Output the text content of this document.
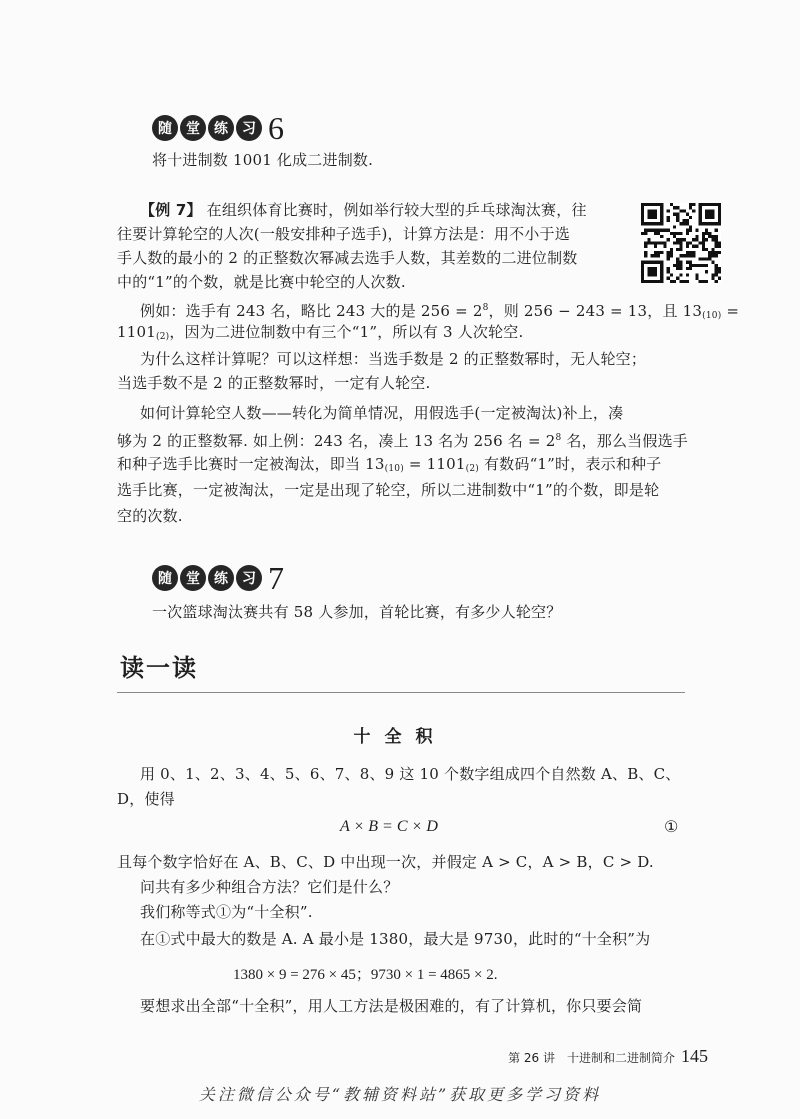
随	堂	练	习 6
将十进制数 1001 化成二进制数.
【例 7】 在组织体育比赛时，例如举行较大型的乒乓球淘汰赛，往
往要计算轮空的人次(一般安排种子选手)，计算方法是：用不小于选
手人数的最小的 2 的正整数次幂减去选手人数，其差数的二进位制数
中的“1”的个数，就是比赛中轮空的人次数.
例如：选手有 243 名，略比 243 大的是 $256 = 2^8$，则 256 − 243 = 13，且 $13_{(10)}$ =
$1101_{(2)}$，因为二进位制数中有三个“1”，所以有 3 人次轮空.
为什么这样计算呢？可以这样想：当选手数是 2 的正整数幂时，无人轮空；
当选手数不是 2 的正整数幂时，一定有人轮空.
如何计算轮空人数——转化为简单情况，用假选手(一定被淘汰)补上，凑
够为 2 的正整数幂. 如上例：243 名，凑上 13 名为 256 名 = $2^8$ 名，那么当假选手
和种子选手比赛时一定被淘汰，即当 $13_{(10)} = 1101_{(2)}$ 有数码“1”时，表示和种子
选手比赛，一定被淘汰，一定是出现了轮空，所以二进制数中“1”的个数，即是轮
空的次数.
随	堂	练	习 7
一次篮球淘汰赛共有 58 人参加，首轮比赛，有多少人轮空？
读一读
十全积
用 0、1、2、3、4、5、6、7、8、9 这 10 个数字组成四个自然数 A、B、C、
D，使得
A × B = C × D	①
且每个数字恰好在 A、B、C、D 中出现一次，并假定 A > C，A > B，C > D.
问共有多少种组合方法？它们是什么？
我们称等式①为“十全积”.
在①式中最大的数是 A. A 最小是 1380，最大是 9730，此时的“十全积”为
1380 × 9 = 276 × 45；9730 × 1 = 4865 × 2.
要想求出全部“十全积”，用人工方法是极困难的，有了计算机，你只要会简
第 26 讲　十进制和二进制简介 145
关注微信公众号“教辅资料站”获取更多学习资料
